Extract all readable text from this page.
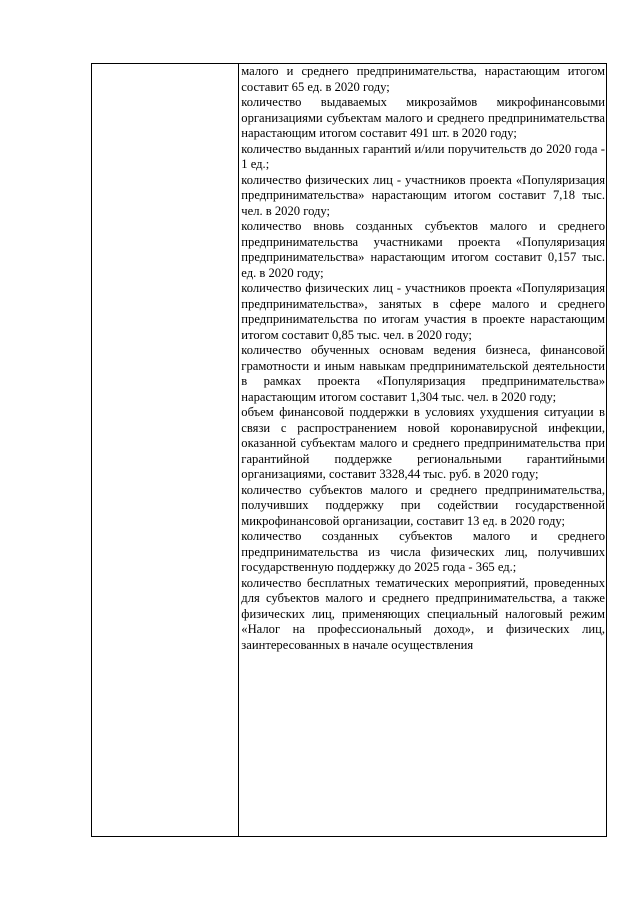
малого и среднего предпринимательства, нарастающим итогом составит 65 ед. в 2020 году;

количество выдаваемых микрозаймов микрофинансовыми организациями субъектам малого и среднего предпринимательства нарастающим итогом составит 491 шт. в 2020 году;

количество выданных гарантий и/или поручительств до 2020 года - 1 ед.;

количество физических лиц - участников проекта «Популяризация предпринимательства» нарастающим итогом составит 7,18 тыс. чел. в 2020 году;

количество вновь созданных субъектов малого и среднего предпринимательства участниками проекта «Популяризация предпринимательства» нарастающим итогом составит 0,157 тыс. ед. в 2020 году;

количество физических лиц - участников проекта «Популяризация предпринимательства», занятых в сфере малого и среднего предпринимательства по итогам участия в проекте нарастающим итогом составит 0,85 тыс. чел. в 2020 году;

количество обученных основам ведения бизнеса, финансовой грамотности и иным навыкам предпринимательской деятельности в рамках проекта «Популяризация предпринимательства» нарастающим итогом составит 1,304 тыс. чел. в 2020 году;

объем финансовой поддержки в условиях ухудшения ситуации в связи с распространением новой коронавирусной инфекции, оказанной субъектам малого и среднего предпринимательства при гарантийной поддержке региональными гарантийными организациями, составит 3328,44 тыс. руб. в 2020 году;

количество субъектов малого и среднего предпринимательства, получивших поддержку при содействии государственной микрофинансовой организации, составит 13 ед. в 2020 году;

количество созданных субъектов малого и среднего предпринимательства из числа физических лиц, получивших государственную поддержку до 2025 года - 365 ед.;

количество бесплатных тематических мероприятий, проведенных для субъектов малого и среднего предпринимательства, а также физических лиц, применяющих специальный налоговый режим «Налог на профессиональный доход», и физических лиц, заинтересованных в начале осуществления
